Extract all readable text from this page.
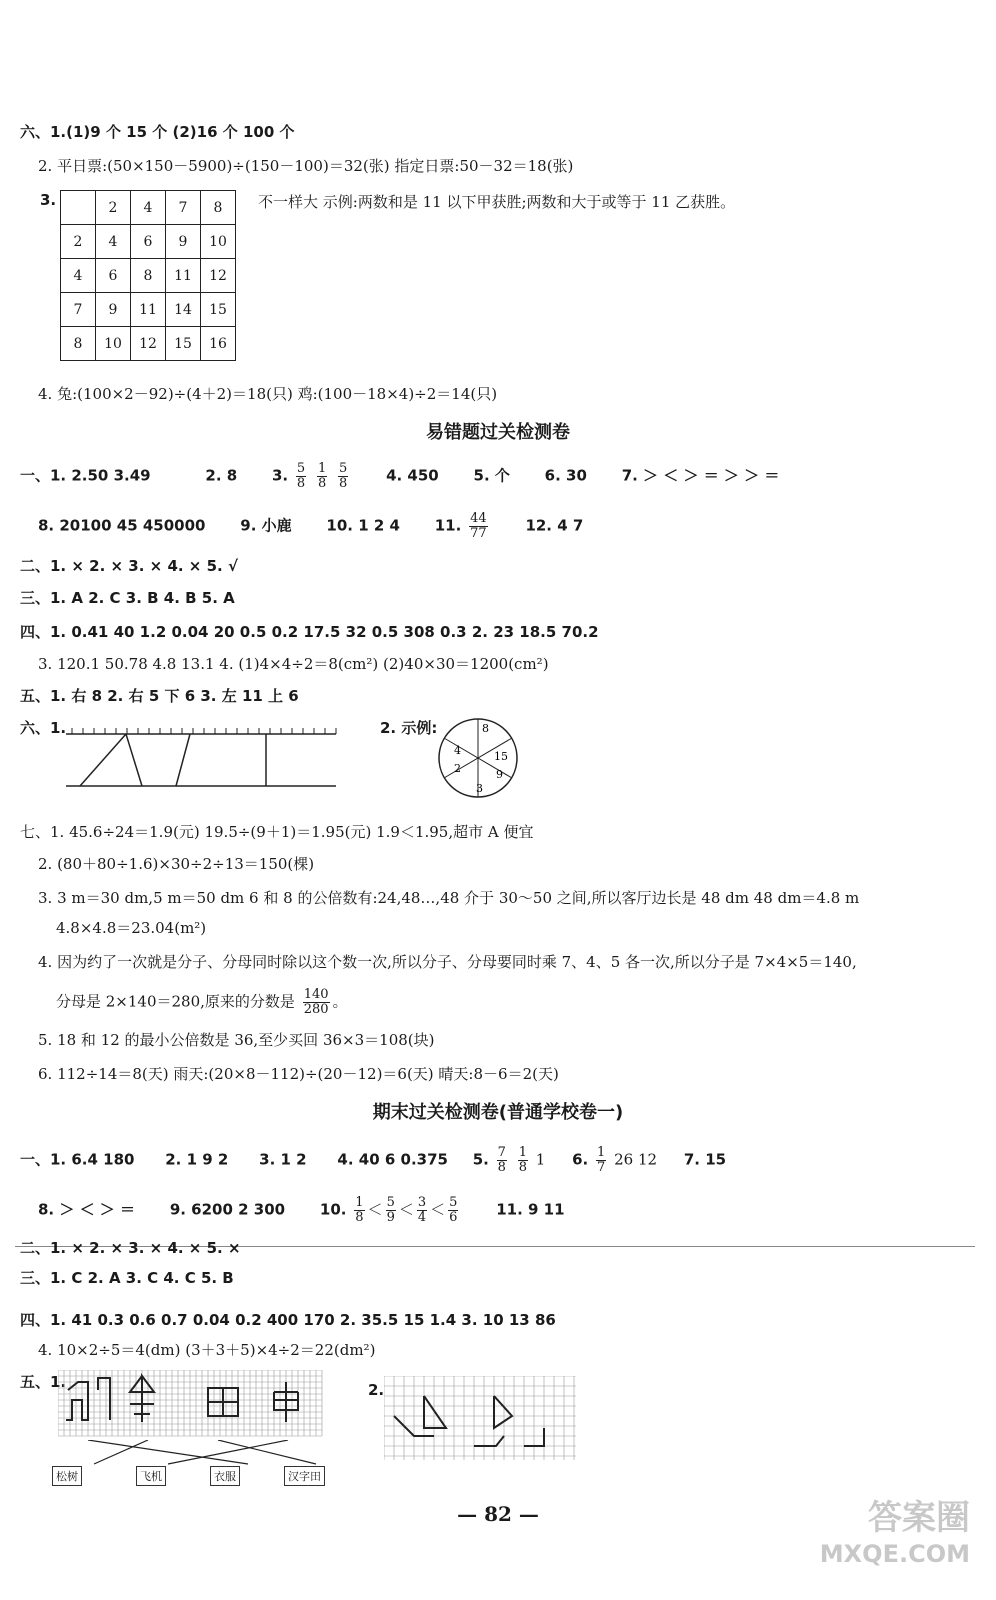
六、1.(1)9 个 15 个 (2)16 个 100 个
2. 平日票:(50×150－5900)÷(150－100)＝32(张) 指定日票:50－32＝18(张)
3.
		2	4	7	8
2	4	6	9	10
4	6	8	11	12
7	9	11	14	15
8	10	12	15	16
不一样大 示例:两数和是 11 以下甲获胜;两数和大于或等于 11 乙获胜。
4. 兔:(100×2－92)÷(4＋2)＝18(只) 鸡:(100－18×4)÷2＝14(只)
易错题过关检测卷
一、1. 2.50 3.49	2. 8 3. $\frac{5}{8}$
$\frac{1}{8}$
$\frac{5}{8}$	4. 450 5. 个 6. 30 7. ＞ ＜ ＞ ＝ ＞ ＞ ＝
8. 20100 45 450000 9. 小鹿 10. 1 2 4 11. $\frac{44}{77}$	12. 4 7
二、1. × 2. × 3. × 4. × 5. √
三、1. A 2. C 3. B 4. B 5. A
四、1. 0.41 40 1.2 0.04 20 0.5 0.2 17.5 32 0.5 308 0.3 2. 23 18.5 70.2
3. 120.1 50.78 4.8 13.1 4. (1)4×4÷2＝8(cm²) (2)40×30＝1200(cm²)
五、1. 右 8 2. 右 5 下 6 3. 左 11 上 6
六、1.	2. 示例:	8
4	15
2	9
3
七、1. 45.6÷24＝1.9(元) 19.5÷(9＋1)＝1.95(元) 1.9＜1.95,超市 A 便宜
2. (80＋80÷1.6)×30÷2÷13＝150(棵)
3. 3 m＝30 dm,5 m＝50 dm 6 和 8 的公倍数有:24,48…,48 介于 30～50 之间,所以客厅边长是 48 dm 48 dm＝4.8 m
4.8×4.8＝23.04(m²)
4. 因为约了一次就是分子、分母同时除以这个数一次,所以分子、分母要同时乘 7、4、5 各一次,所以分子是 7×4×5＝140,
分母是 2×140＝280,原来的分数是 $\frac{140}{280}$ 。
5. 18 和 12 的最小公倍数是 36,至少买回 36×3＝108(块)
6. 112÷14＝8(天) 雨天:(20×8－112)÷(20－12)＝6(天) 晴天:8－6＝2(天)
期末过关检测卷(普通学校卷一)
一、1. 6.4 180 2. 1 9 2 3. 1 2 4. 40 6 0.375 5. $\frac{7}{8}$
$\frac{1}{8} 1$ 6. $\frac{1}{7} 26$ 12 7. 15
8. ＞ ＜ ＞ ＝ 9. 6200 2 300 10. $\frac{1}{8} < \frac{5}{9} < \frac{3}{4} < \frac{5}{6}$	11. 9 11
二、1. × 2. × 3. × 4. × 5. ×
三、1. C 2. A 3. C 4. C 5. B
四、1. 41 0.3 0.6 0.7 0.04 0.2 400 170 2. 35.5 15 1.4 3. 10 13 86
4. 10×2÷5＝4(dm) (3＋3＋5)×4÷2＝22(dm²)
五、1.
松树	飞机	衣服	汉字田
2.
— 82 —	答案圈
MXQE.COM
